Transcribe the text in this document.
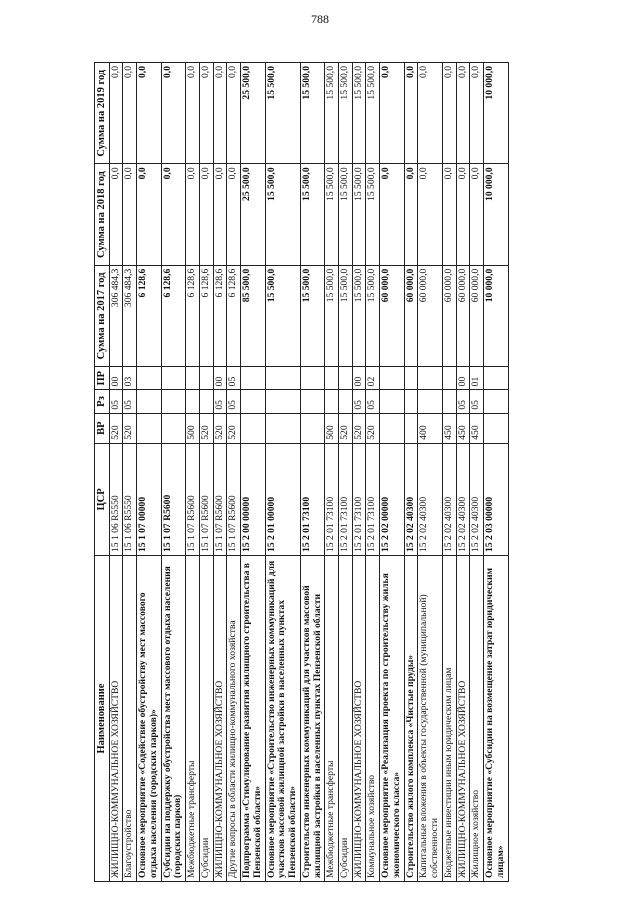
788
Наименование	ЦСР	ВР	Рз	ПР	Сумма на 2017 год	Сумма на 2018 год	Сумма на 2019 год
ЖИЛИЩНО-КОММУНАЛЬНОЕ ХОЗЯЙСТВО	15 1 06 R5550	520	05	00	306 484,3	0,0	0,0
Благоустройство	15 1 06 R5550	520	05	03	306 484,3	0,0	0,0
Основное мероприятие «Содействие обустройству мест массового отдыха населения (городских парков)»	15 1 07 00000				6 128,6	0,0	0,0
Субсидии на поддержку обустройства мест массового отдыха населения (городских парков)	15 1 07 R5600				6 128,6	0,0	0,0
Межбюджетные трансферты	15 1 07 R5600	500			6 128,6	0,0	0,0
Субсидии	15 1 07 R5600	520			6 128,6	0,0	0,0
ЖИЛИЩНО-КОММУНАЛЬНОЕ ХОЗЯЙСТВО	15 1 07 R5600	520	05	00	6 128,6	0,0	0,0
Другие вопросы в области жилищно-коммунального хозяйства	15 1 07 R5600	520	05	05	6 128,6	0,0	0,0
Подпрограмма «Стимулирование развития жилищного строительства в Пензенской области»	15 2 00 00000				85 500,0	25 500,0	25 500,0
Основное мероприятие «Строительство инженерных коммуникаций для участков массовой жилищной застройки в населенных пунктах Пензенской области»	15 2 01 00000				15 500,0	15 500,0	15 500,0
Строительство инженерных коммуникаций для участков массовой жилищной застройки в населенных пунктах Пензенской области	15 2 01 73100				15 500,0	15 500,0	15 500,0
Межбюджетные трансферты	15 2 01 73100	500			15 500,0	15 500,0	15 500,0
Субсидии	15 2 01 73100	520			15 500,0	15 500,0	15 500,0
ЖИЛИЩНО-КОММУНАЛЬНОЕ ХОЗЯЙСТВО	15 2 01 73100	520	05	00	15 500,0	15 500,0	15 500,0
Коммунальное хозяйство	15 2 01 73100	520	05	02	15 500,0	15 500,0	15 500,0
Основное мероприятие «Реализация проекта по строительству жилья экономического класса»	15 2 02 00000				60 000,0	0,0	0,0
Строительство жилого комплекса «Чистые пруды»	15 2 02 40300				60 000,0	0,0	0,0
Капитальные вложения в объекты государственной (муниципальной) собственности	15 2 02 40300	400			60 000,0	0,0	0,0
Бюджетные инвестиции иным юридическим лицам	15 2 02 40300	450			60 000,0	0,0	0,0
ЖИЛИЩНО-КОММУНАЛЬНОЕ ХОЗЯЙСТВО	15 2 02 40300	450	05	00	60 000,0	0,0	0,0
Жилищное хозяйство	15 2 02 40300	450	05	01	60 000,0	0,0	0,0
Основное мероприятие «Субсидии на возмещение затрат юридическим лицам»	15 2 03 00000				10 000,0	10 000,0	10 000,0
